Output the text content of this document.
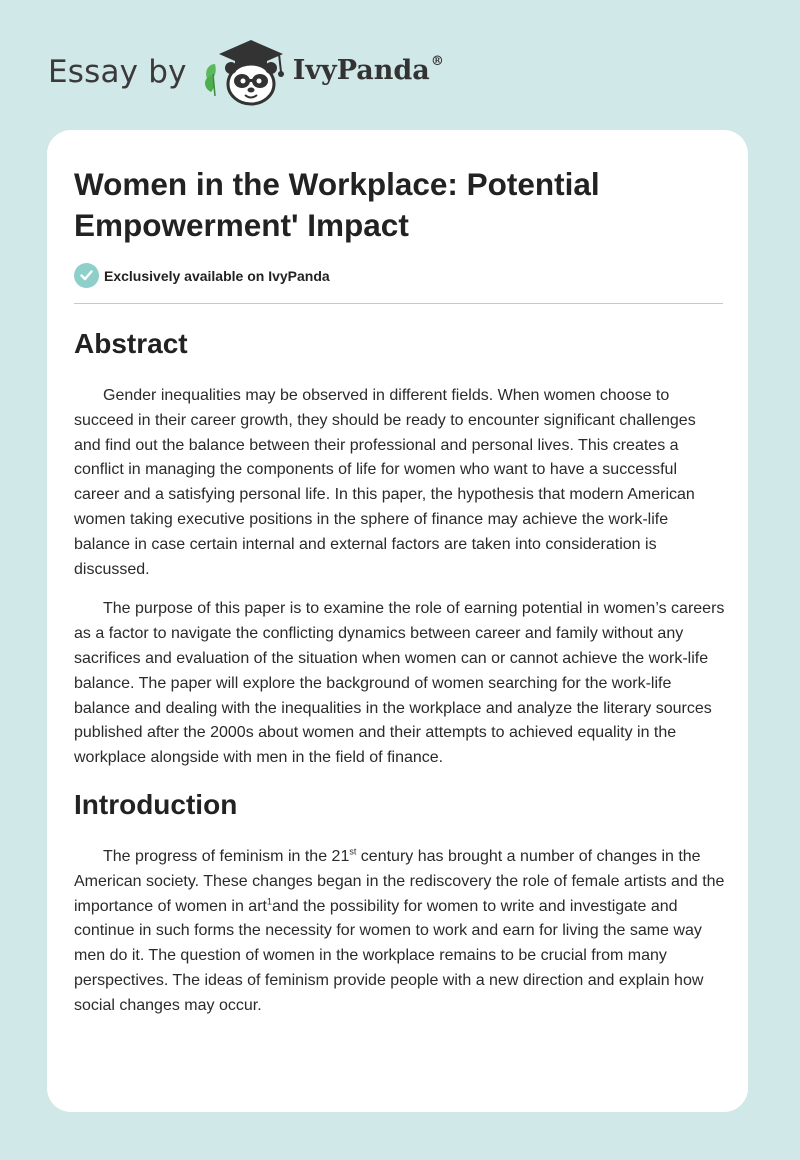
Essay by	IvyPanda®
Women in the Workplace: Potential Empowerment' Impact
Exclusively available on IvyPanda
Abstract

Gender inequalities may be observed in different fields. When women choose to succeed in their career growth, they should be ready to encounter significant challenges and find out the balance between their professional and personal lives. This creates a conflict in managing the components of life for women who want to have a successful career and a satisfying personal life. In this paper, the hypothesis that modern American women taking executive positions in the sphere of finance may achieve the work-life balance in case certain internal and external factors are taken into consideration is discussed.

The purpose of this paper is to examine the role of earning potential in women’s careers as a factor to navigate the conflicting dynamics between career and family without any sacrifices and evaluation of the situation when women can or cannot achieve the work-life balance. The paper will explore the background of women searching for the work-life balance and dealing with the inequalities in the workplace and analyze the literary sources published after the 2000s about women and their attempts to achieved equality in the workplace alongside with men in the field of finance.

Introduction

The progress of feminism in the 21st century has brought a number of changes in the American society. These changes began in the rediscovery the role of female artists and the importance of women in art$^1$and the possibility for women to write and investigate and continue in such forms the necessity for women to work and earn for living the same way men do it. The question of women in the workplace remains to be crucial from many perspectives. The ideas of feminism provide people with a new direction and explain how social changes may occur.
